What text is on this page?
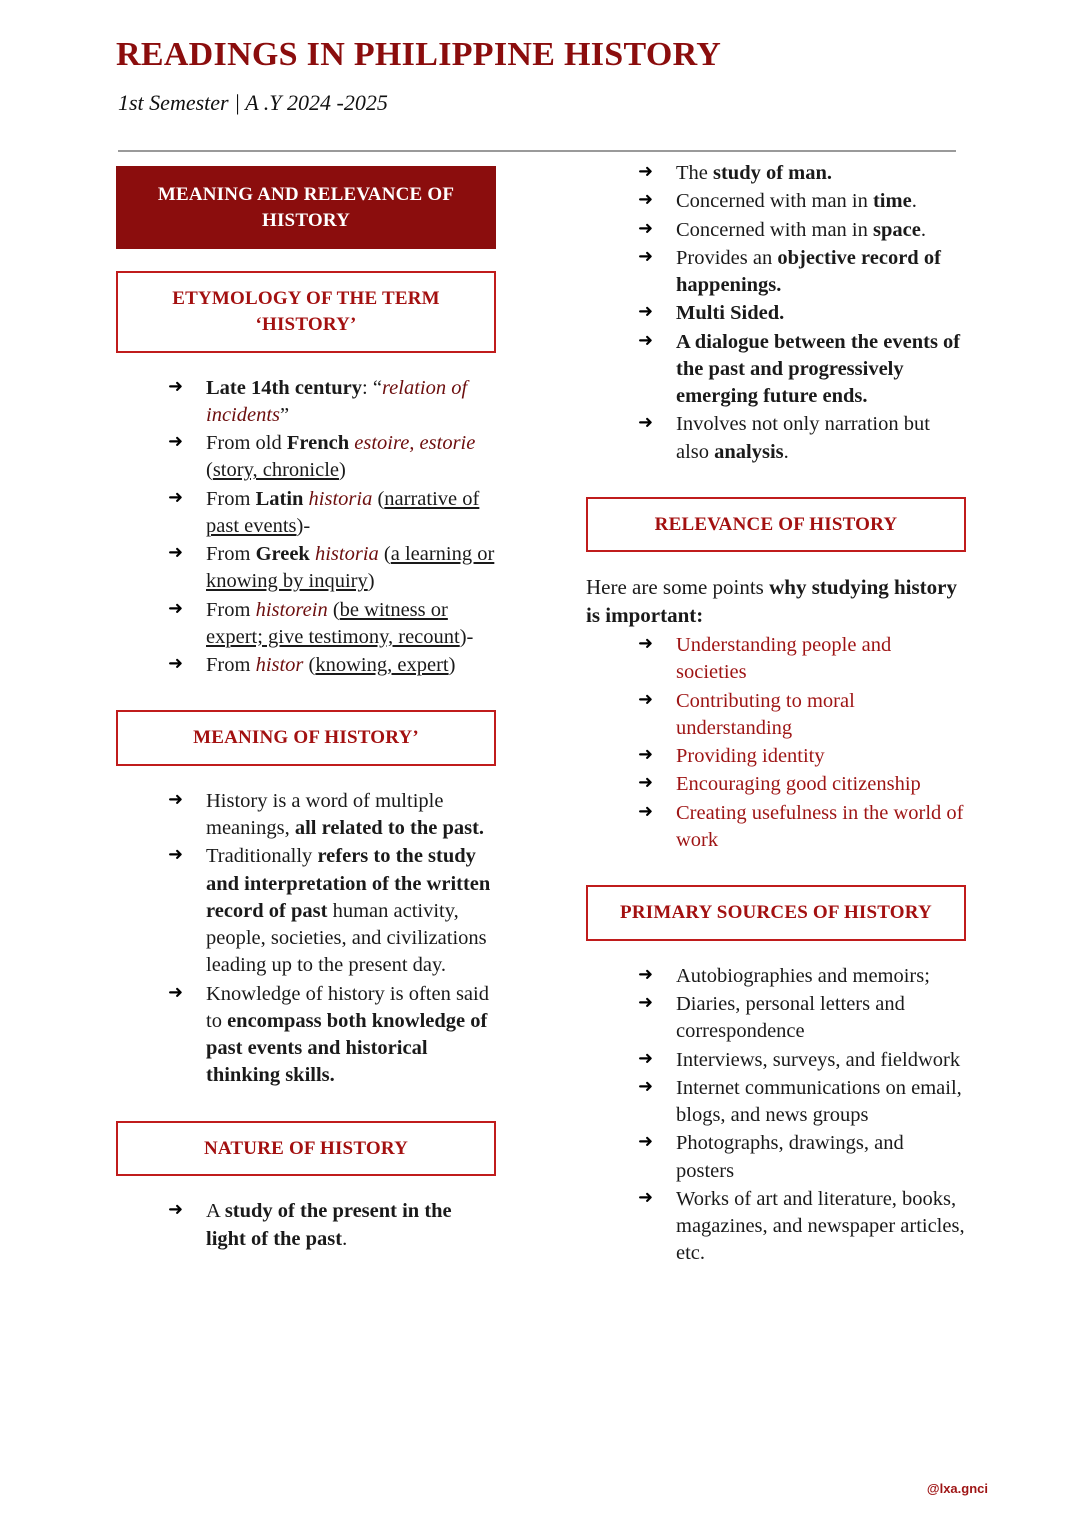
READINGS IN PHILIPPINE HISTORY
1st Semester | A .Y 2024 -2025
MEANING AND RELEVANCE OF HISTORY
ETYMOLOGY OF THE TERM ‘HISTORY’
➜ Late 14th century: “relation of incidents”
➜ From old French estoire, estorie (story, chronicle)
➜ From Latin historia (narrative of past events)-
➜ From Greek historia (a learning or knowing by inquiry)
➜ From historein (be witness or expert; give testimony, recount)-
➜ From histor (knowing, expert)
MEANING OF HISTORY’
➜ History is a word of multiple meanings, all related to the past.
➜ Traditionally refers to the study and interpretation of the written record of past human activity, people, societies, and civilizations leading up to the present day.
➜ Knowledge of history is often said to encompass both knowledge of past events and historical thinking skills.
NATURE OF HISTORY
➜ A study of the present in the light of the past.
➜ The study of man.
➜ Concerned with man in time.
➜ Concerned with man in space.
➜ Provides an objective record of happenings.
➜ Multi Sided.
➜ A dialogue between the events of the past and progressively emerging future ends.
➜ Involves not only narration but also analysis.
RELEVANCE OF HISTORY

Here are some points why studying history is important:

➜ Understanding people and societies
➜ Contributing to moral understanding
➜ Providing identity
➜ Encouraging good citizenship
➜ Creating usefulness in the world of work
PRIMARY SOURCES OF HISTORY
➜ Autobiographies and memoirs;
➜ Diaries, personal letters and correspondence
➜ Interviews, surveys, and fieldwork
➜ Internet communications on email, blogs, and news groups
➜ Photographs, drawings, and posters
➜ Works of art and literature, books, magazines, and newspaper articles, etc.
@lxa.gnci
